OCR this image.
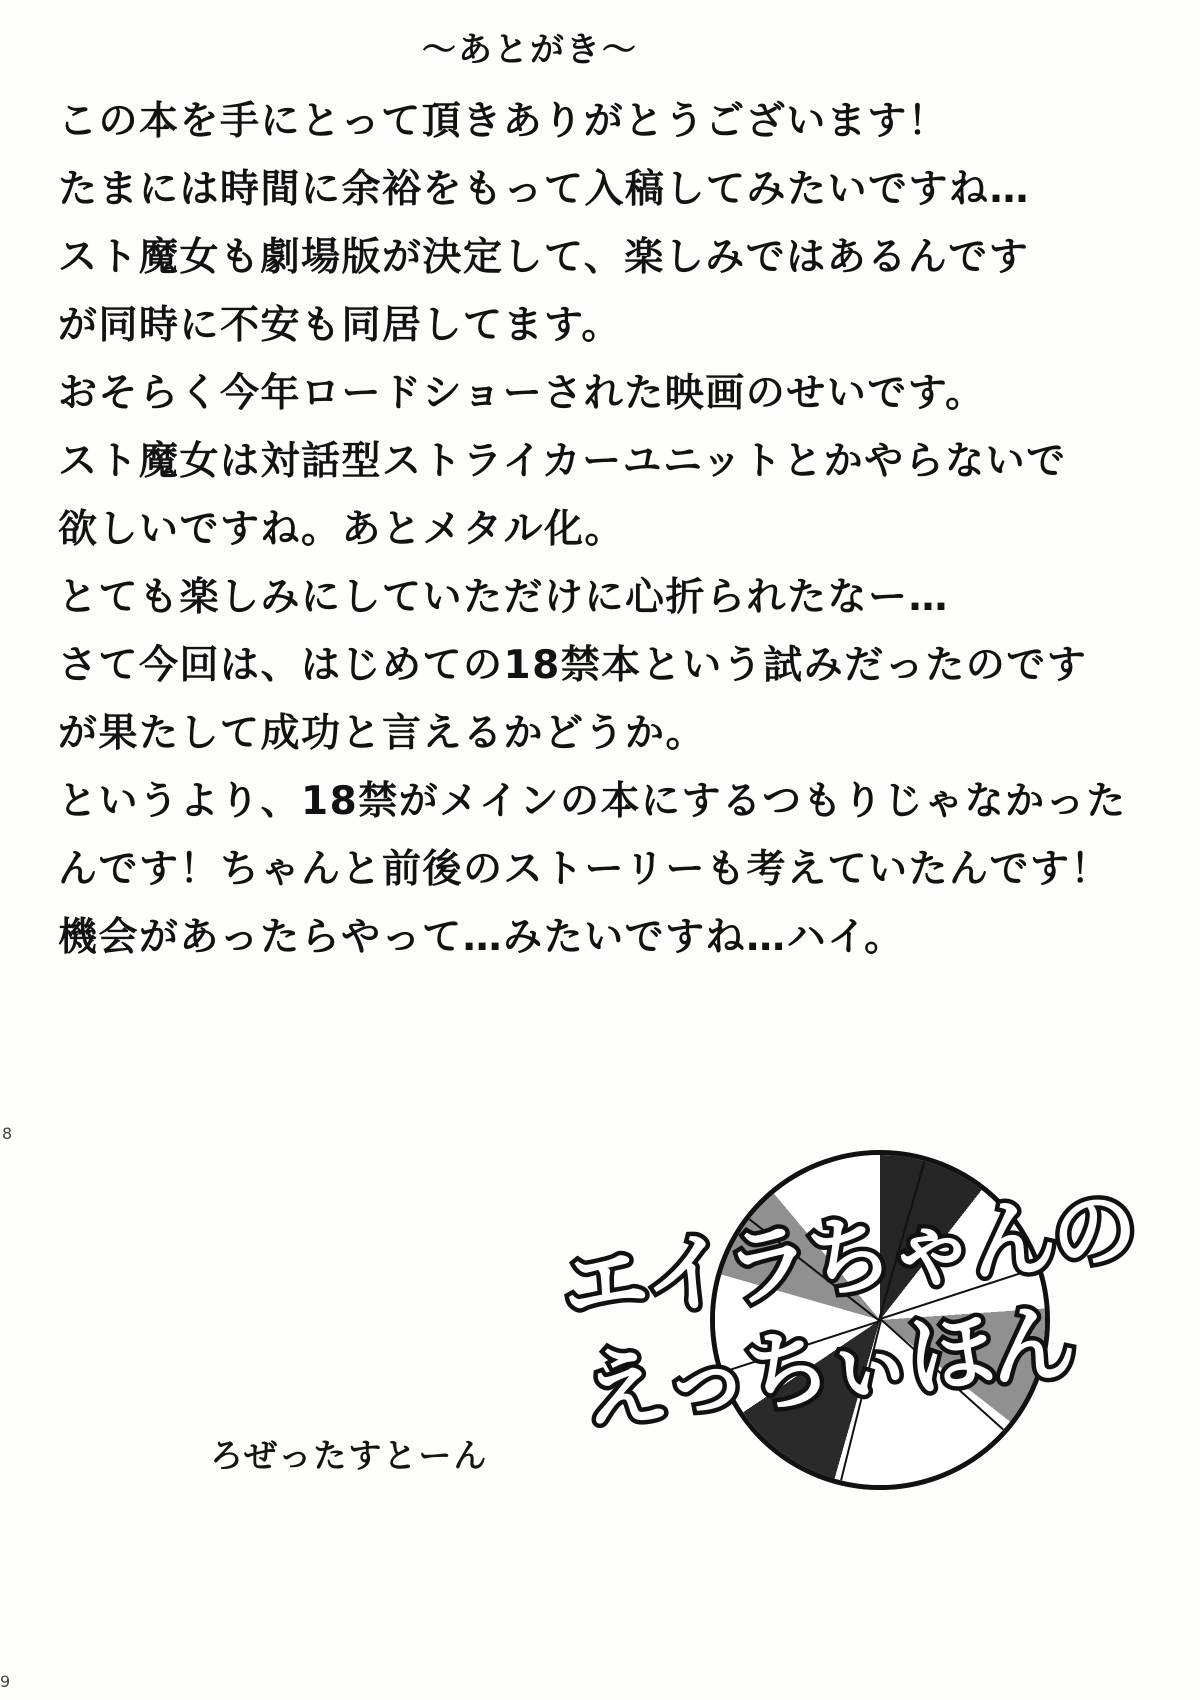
〜あとがき〜
この本を手にとって頂きありがとうございます！
たまには時間に余裕をもって入稿してみたいですね…
スト魔女も劇場版が決定して、楽しみではあるんです
が同時に不安も同居してます。
おそらく今年ロードショーされた映画のせいです。
スト魔女は対話型ストライカーユニットとかやらないで
欲しいですね。あとメタル化。
とても楽しみにしていただけに心折られたなー…
さて今回は、はじめての18禁本という試みだったのです
が果たして成功と言えるかどうか。
というより、18禁がメインの本にするつもりじゃなかった
んです！ちゃんと前後のストーリーも考えていたんです！
機会があったらやって…みたいですね…ハイ。
8
9
エイラちゃんの
えっちぃほん
ろぜったすとーん
